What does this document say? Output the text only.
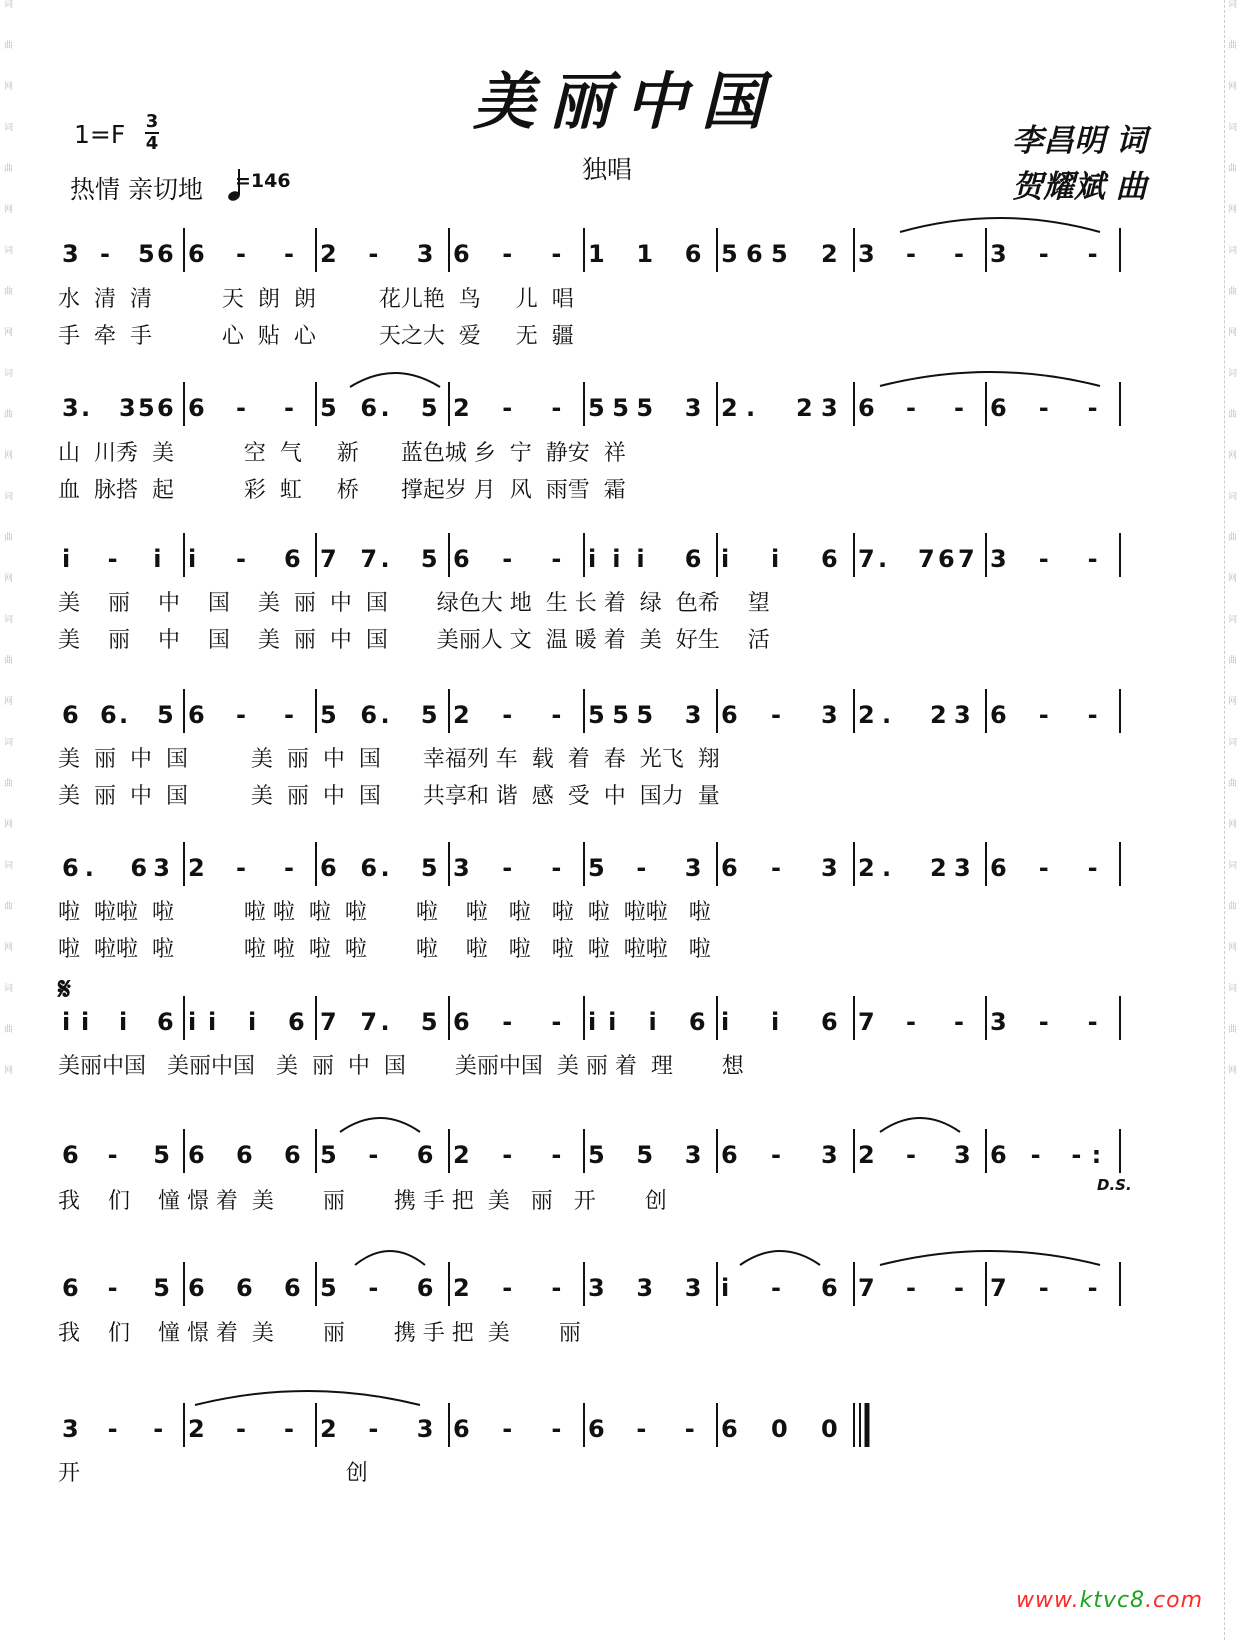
词
曲
网
词
曲
网
词
曲
网
词
曲
网
词
曲
网
词
曲
网
词
曲
网
词
曲
网
词
曲
网
词
曲
网
词
曲
网
词
曲
网
词
曲
网
词
曲
网
词
曲
网
词
曲
网
词
曲
网
词
曲
网
美丽中国
独唱
1=F 3
4
热情 亲切地 =146
李昌明 词
贺耀斌 曲
3 - 56 6 - - 2 - 3 6 - - 1 1 6 5 6 5 2 3 - - 3 - -
3. 356 6 - - 5 6 . 5 2 - - 5 5 5 3 2 . 2 3 6 - - 6 - -
i - i i - 6 7 7 . 5 6 - - i i i 6 i i 6 7 . 7 6 7 3 - -
6 6. 5 6 - - 5 6 . 5 2 - - 5 5 5 3 6 - 3 2 . 2 3 6 - -
6 . 6 3 2 - - 6 6 . 5 3 - - 5 - 3 6 - 3 2 . 2 3 6 - -
i i i 6 i i i 6 7 7 . 5 6 - - i i i 6 i i 6 7 - - 3 - -
6 - 5 6 6 6 5 - 6 2 - - 5 5 3 6 - 3 2 - 3 6 - - :
6 - 5 6 6 6 5 - 6 2 - - 3 3 3 i - 6 7 - - 7 - -
3 - - 2 - - 2 - 3 6 - - 6 - - 6 0 0
水  清  清          天  朗  朗         花儿艳  鸟     儿  唱
手  牵  手          心  贴  心         天之大  爱     无  疆
山  川秀  美          空  气     新      蓝色城 乡  宁  静安  祥
血  脉搭  起          彩  虹     桥      撑起岁 月  风  雨雪  霜
美    丽    中    国    美  丽  中  国       绿色大 地  生 长 着  绿  色希    望
美    丽    中    国    美  丽  中  国       美丽人 文  温 暖 着  美  好生    活
美  丽  中  国         美  丽  中  国      幸福列 车  载  着  春  光飞  翔
美  丽  中  国         美  丽  中  国      共享和 谐  感  受  中  国力  量
啦  啦啦  啦          啦 啦  啦  啦       啦    啦   啦   啦  啦  啦啦   啦
啦  啦啦  啦          啦 啦  啦  啦       啦    啦   啦   啦  啦  啦啦   啦
美丽中国   美丽中国   美  丽  中  国       美丽中国  美 丽 着  理       想
我    们    憧 憬 着  美       丽       携 手 把  美   丽   开       创
我    们    憧 憬 着  美       丽       携 手 把  美       丽
开                                      创
𝄋
D.S.
www.ktvc8.com
